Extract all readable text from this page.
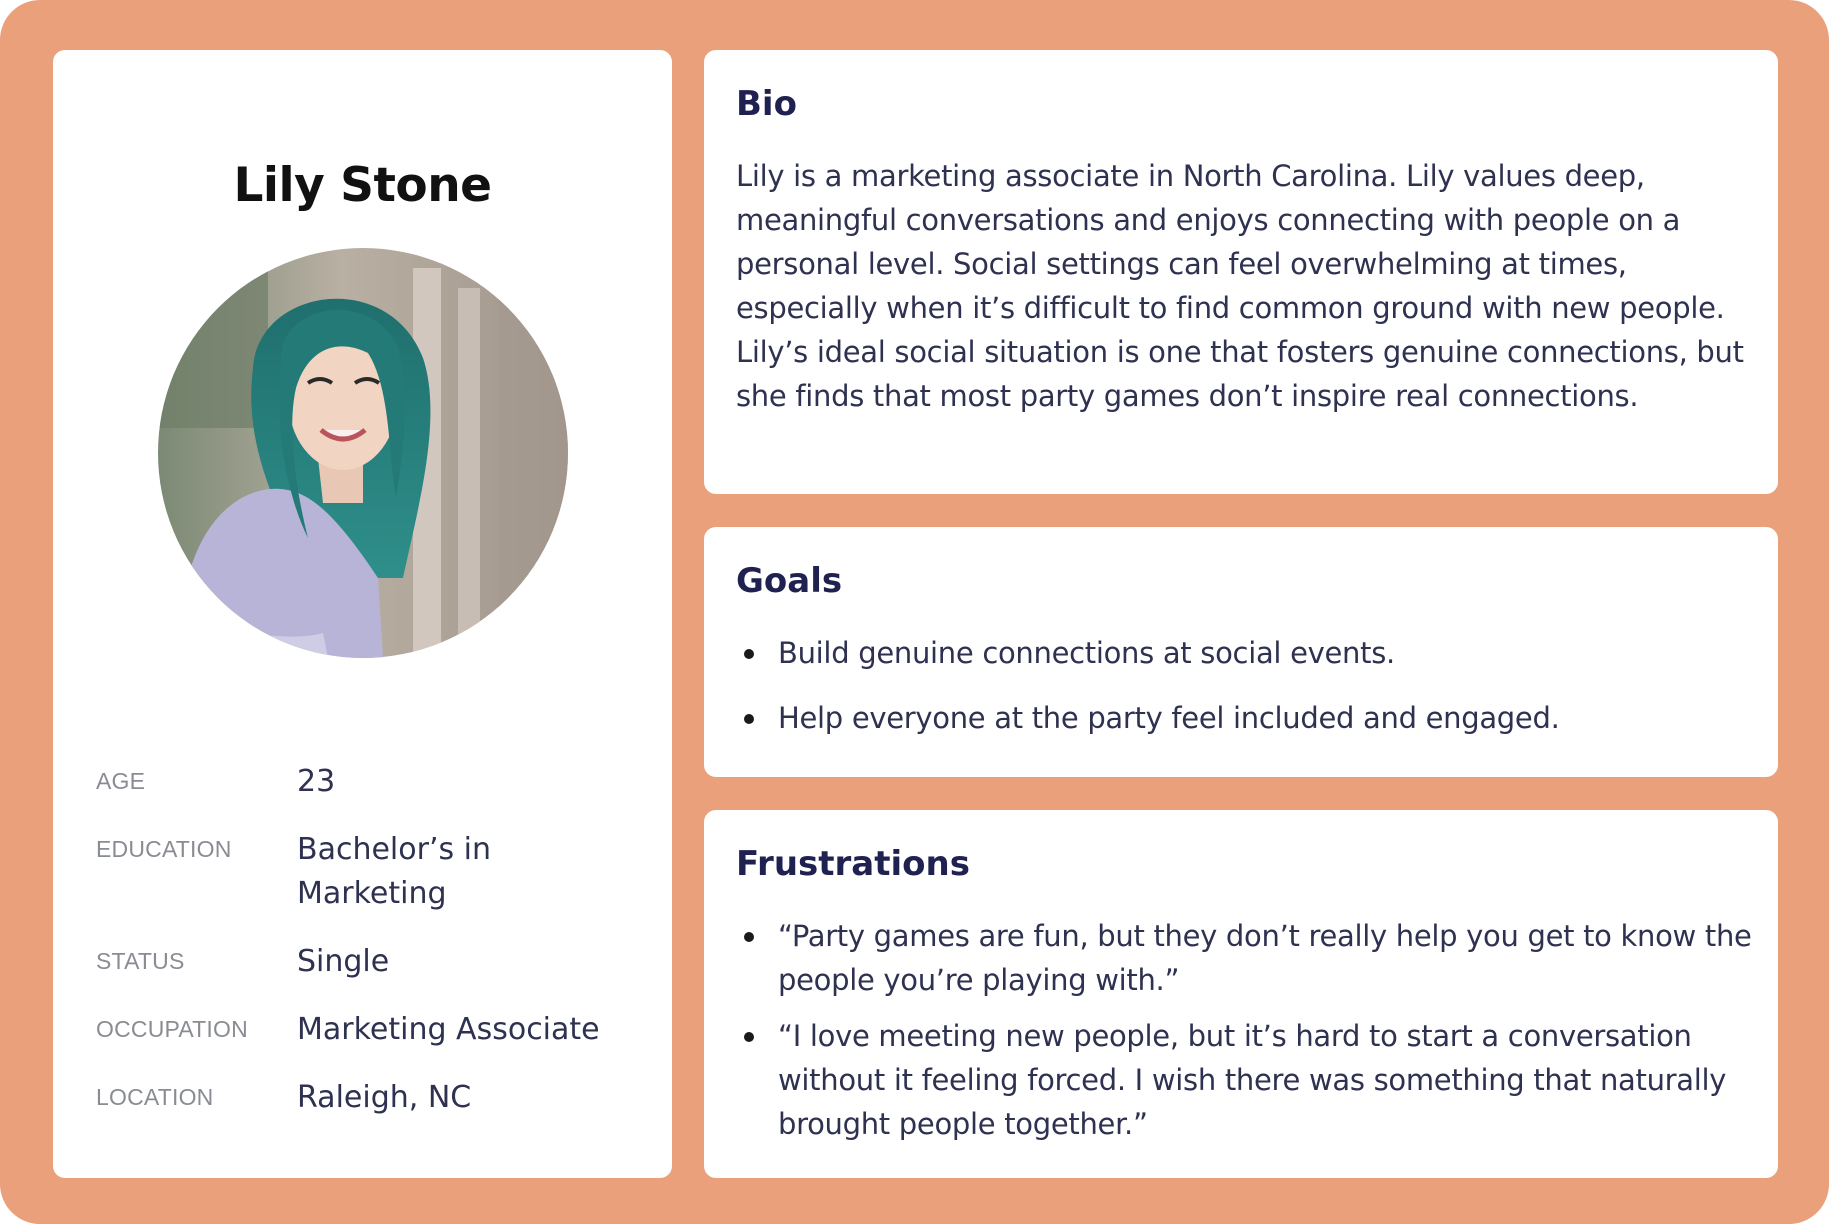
Lily Stone
AGE	23
EDUCATION Bachelor’s in Marketing
STATUS	Single
OCCUPATION Marketing Associate
LOCATION	Raleigh, NC
Bio

Lily is a marketing associate in North Carolina. Lily values deep, meaningful conversations and enjoys connecting with people on a personal level. Social settings can feel overwhelming at times, especially when it’s difficult to find common ground with new people. Lily’s ideal social situation is one that fosters genuine connections, but she finds that most party games don’t inspire real connections.

Goals
Build genuine connections at social events.
Help everyone at the party feel included and engaged.
Frustrations
“Party games are fun, but they don’t really help you get to know the people you’re playing with.”
“I love meeting new people, but it’s hard to start a conversation without it feeling forced. I wish there was something that naturally brought people together.”
